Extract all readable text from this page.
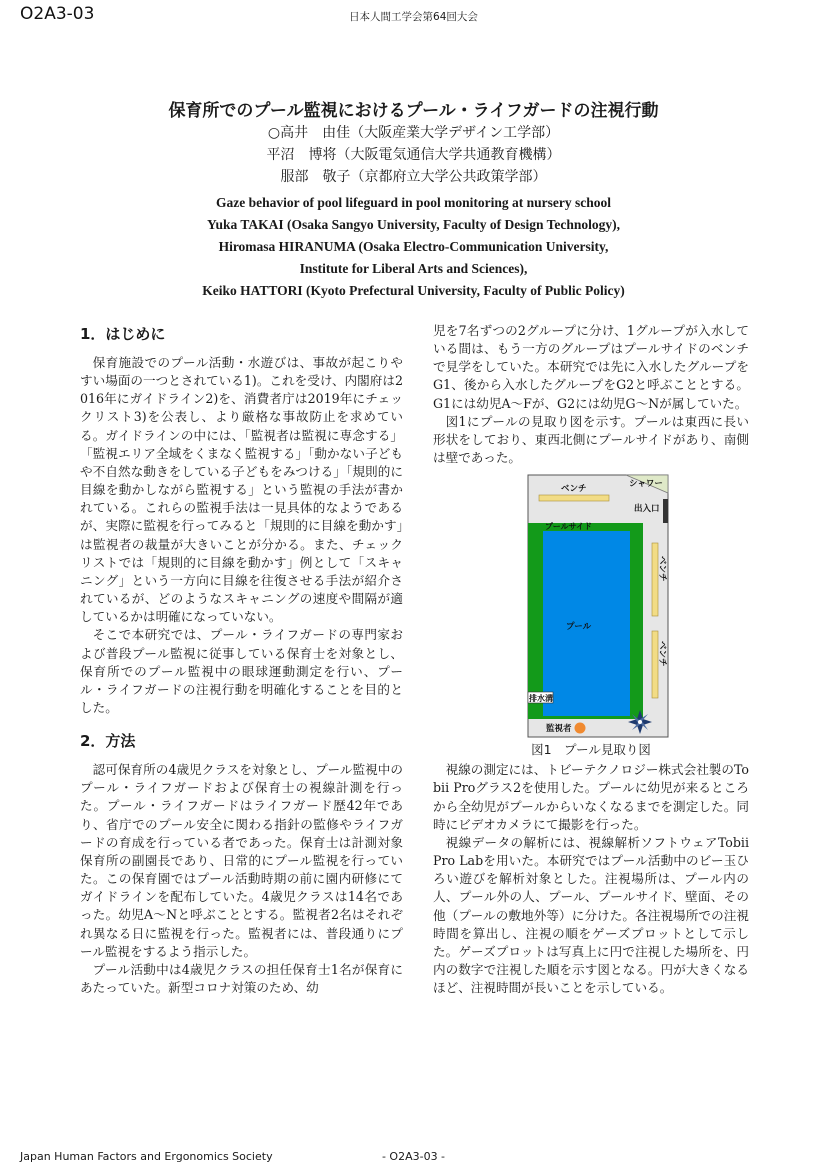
O2A3-03	日本人間工学会第64回大会
保育所でのプール監視におけるプール・ライフガードの注視行動
○高井　由佳（大阪産業大学デザイン工学部）
平沼　博将（大阪電気通信大学共通教育機構）
服部　敬子（京都府立大学公共政策学部）
Gaze behavior of pool lifeguard in pool monitoring at nursery school
Yuka TAKAI (Osaka Sangyo University, Faculty of Design Technology),
Hiromasa HIRANUMA (Osaka Electro-Communication University,
Institute for Liberal Arts and Sciences),
Keiko HATTORI (Kyoto Prefectural University, Faculty of Public Policy)
1．はじめに

保育施設でのプール活動・水遊びは、事故が起こりやすい場面の一つとされている1)。これを受け、内閣府は2016年にガイドライン2)を、消費者庁は2019年にチェックリスト3)を公表し、より厳格な事故防止を求めている。ガイドラインの中には、「監視者は監視に専念する」「監視エリア全域をくまなく監視する」「動かない子どもや不自然な動きをしている子どもをみつける」「規則的に目線を動かしながら監視する」という監視の手法が書かれている。これらの監視手法は一見具体的なようであるが、実際に監視を行ってみると「規則的に目線を動かす」は監視者の裁量が大きいことが分かる。また、チェックリストでは「規則的に目線を動かす」例として「スキャニング」という一方向に目線を往復させる手法が紹介されているが、どのようなスキャニングの速度や間隔が適しているかは明確になっていない。

そこで本研究では、プール・ライフガードの専門家および普段プール監視に従事している保育士を対象とし、保育所でのプール監視中の眼球運動測定を行い、プール・ライフガードの注視行動を明確化することを目的とした。

2．方法

認可保育所の4歳児クラスを対象とし、プール監視中のプール・ライフガードおよび保育士の視線計測を行った。プール・ライフガードはライフガード歴42年であり、省庁でのプール安全に関わる指針の監修やライフガードの育成を行っている者であった。保育士は計測対象保育所の副園長であり、日常的にプール監視を行っていた。この保育園ではプール活動時期の前に園内研修にてガイドラインを配布していた。4歳児クラスは14名であった。幼児A〜Nと呼ぶこととする。監視者2名はそれぞれ異なる日に監視を行った。監視者には、普段通りにプール監視をするよう指示した。

プール活動中は4歳児クラスの担任保育士1名が保育にあたっていた。新型コロナ対策のため、幼

児を7名ずつの2グループに分け、1グループが入水している間は、もう一方のグループはプールサイドのベンチで見学をしていた。本研究では先に入水したグループをG1、後から入水したグループをG2と呼ぶこととする。G1には幼児A〜Fが、G2には幼児G〜Nが属していた。

図1にプールの見取り図を示す。プールは東西に長い形状をしており、東西北側にプールサイドがあり、南側は壁であった。

シャワー
出入口
ベンチ
プールサイド
プール
ベンチ
ベンチ
排水溝
監視者
図1　プール見取り図

視線の測定には、トビーテクノロジー株式会社製のTobii Proグラス2を使用した。プールに幼児が来るところから全幼児がプールからいなくなるまでを測定した。同時にビデオカメラにて撮影を行った。

視線データの解析には、視線解析ソフトウェアTobii Pro Labを用いた。本研究ではプール活動中のビー玉ひろい遊びを解析対象とした。注視場所は、プール内の人、プール外の人、プール、プールサイド、壁面、その他（プールの敷地外等）に分けた。各注視場所での注視時間を算出し、注視の順をゲーズプロットとして示した。ゲーズプロットは写真上に円で注視した場所を、円内の数字で注視した順を示す図となる。円が大きくなるほど、注視時間が長いことを示している。

Japan Human Factors and Ergonomics Society	- O2A3-03 -
